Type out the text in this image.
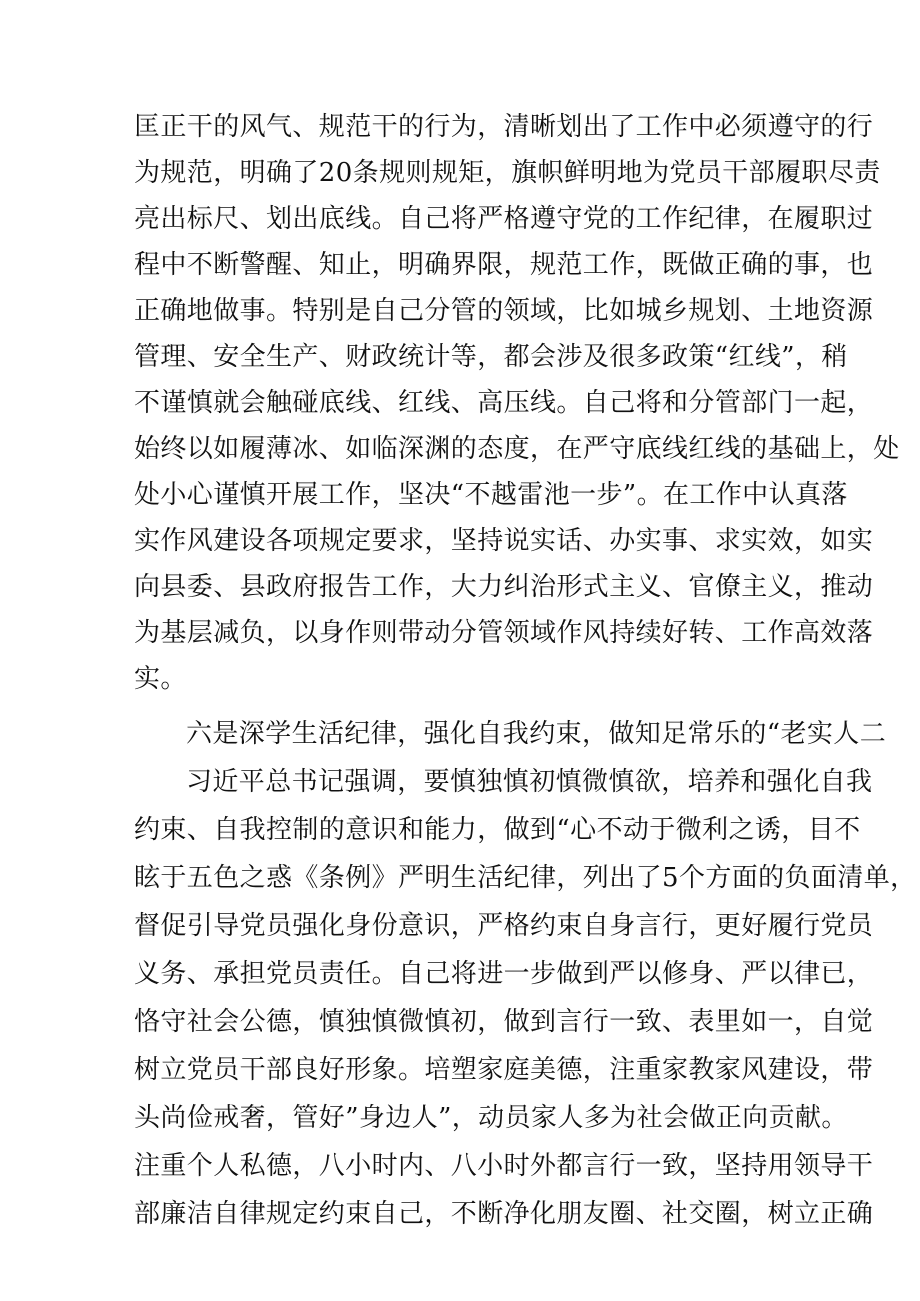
匡正干的风气、规范干的行为，清晰划出了工作中必须遵守的行
为规范，明确了20条规则规矩，旗帜鲜明地为党员干部履职尽责
亮出标尺、划出底线。自己将严格遵守党的工作纪律，在履职过
程中不断警醒、知止，明确界限，规范工作，既做正确的事，也
正确地做事。特别是自己分管的领域，比如城乡规划、土地资源
管理、安全生产、财政统计等，都会涉及很多政策“红线”，稍
不谨慎就会触碰底线、红线、高压线。自己将和分管部门一起，
始终以如履薄冰、如临深渊的态度，在严守底线红线的基础上，处
处小心谨慎开展工作，坚决“不越雷池一步”。在工作中认真落
实作风建设各项规定要求，坚持说实话、办实事、求实效，如实
向县委、县政府报告工作，大力纠治形式主义、官僚主义，推动
为基层减负，以身作则带动分管领域作风持续好转、工作高效落
实。
六是深学生活纪律，强化自我约束，做知足常乐的“老实人二
习近平总书记强调，要慎独慎初慎微慎欲，培养和强化自我
约束、自我控制的意识和能力，做到“心不动于微利之诱，目不
眩于五色之惑《条例》严明生活纪律，列出了5个方面的负面清单，
督促引导党员强化身份意识，严格约束自身言行，更好履行党员
义务、承担党员责任。自己将进一步做到严以修身、严以律已，
恪守社会公德，慎独慎微慎初，做到言行一致、表里如一，自觉
树立党员干部良好形象。培塑家庭美德，注重家教家风建设，带
头尚俭戒奢，管好”身边人”，动员家人多为社会做正向贡献。
注重个人私德，八小时内、八小时外都言行一致，坚持用领导干
部廉洁自律规定约束自己，不断净化朋友圈、社交圈，树立正确
